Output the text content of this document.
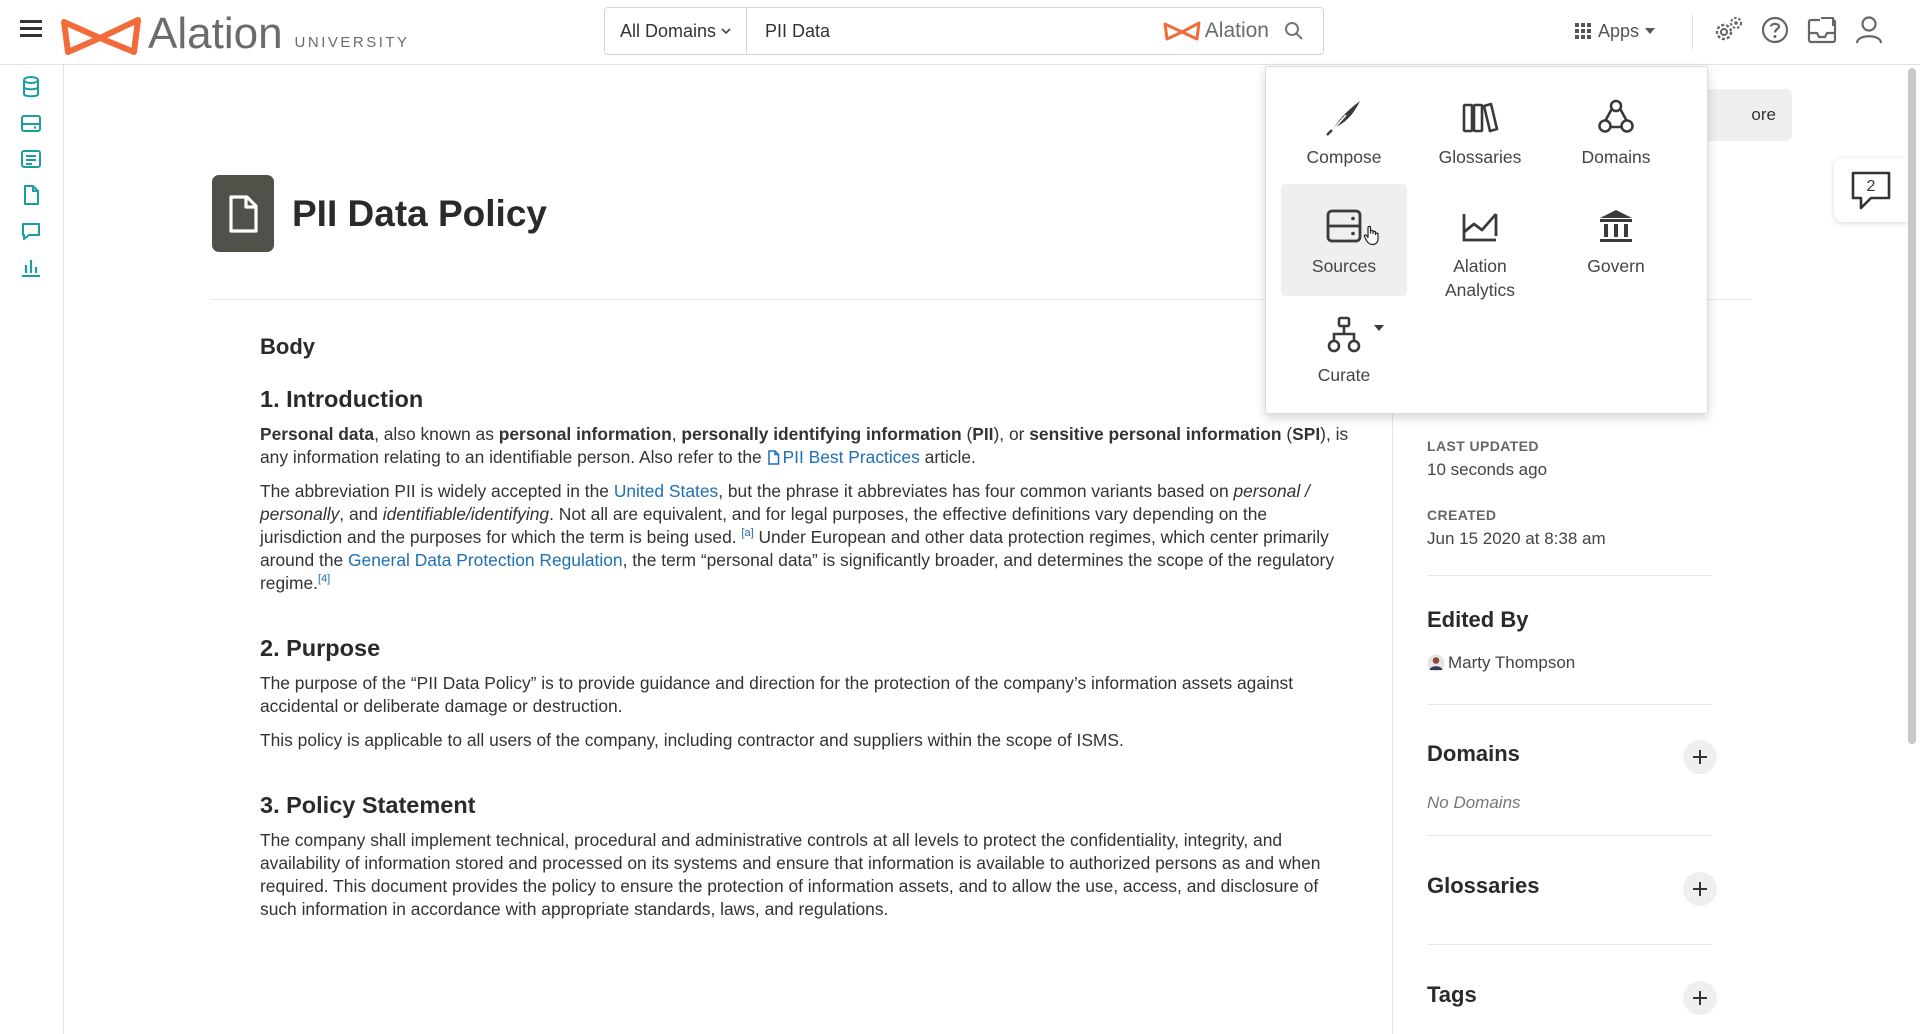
Alation UNIVERSITY
All Domains
PII Data	Alation	Apps
ore
PII Data Policy
Body
1. Introduction

Personal data, also known as personal information, personally identifying information (PII), or sensitive personal information (SPI), is any information relating to an identifiable person. Also refer to the PII Best Practices article.

The abbreviation PII is widely accepted in the United States, but the phrase it abbreviates has four common variants based on personal / personally, and identifiable/identifying. Not all are equivalent, and for legal purposes, the effective definitions vary depending on the jurisdiction and the purposes for which the term is being used. [a] Under European and other data protection regimes, which center primarily around the General Data Protection Regulation, the term “personal data” is significantly broader, and determines the scope of the regulatory regime.[4]

2. Purpose

The purpose of the “PII Data Policy” is to provide guidance and direction for the protection of the company’s information assets against accidental or deliberate damage or destruction.

This policy is applicable to all users of the company, including contractor and suppliers within the scope of ISMS.

3. Policy Statement

The company shall implement technical, procedural and administrative controls at all levels to protect the confidentiality, integrity, and availability of information stored and processed on its systems and ensure that information is available to authorized persons as and when required. This document provides the policy to ensure the protection of information assets, and to allow the use, access, and disclosure of such information in accordance with appropriate standards, laws, and regulations.

LAST UPDATED
10 seconds ago
CREATED
Jun 15 2020 at 8:38 am
Edited By
Marty Thompson
Domains
No Domains
Glossaries
Tags
2
Compose	Glossaries	Domains
Sources	Alation Analytics
Govern
Curate
